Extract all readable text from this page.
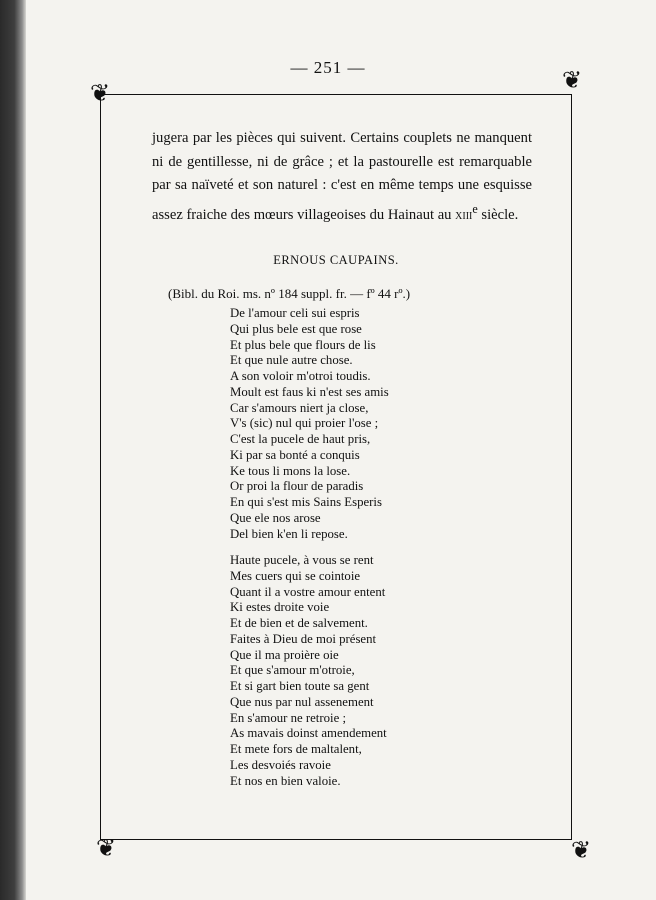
— 251 —
❦	❦
❦	❦

jugera par les pièces qui suivent. Certains couplets ne manquent ni de gentillesse, ni de grâce ; et la pastourelle est remarquable par sa naïveté et son naturel : c'est en même temps une esquisse assez fraiche des mœurs villageoises du Hainaut au xiii$^e$ siècle.

ERNOUS CAUPAINS.
(Bibl. du Roi. ms. nº 184 suppl. fr. — fº 44 rº.)
De l'amour celi sui espris
Qui plus bele est que rose
Et plus bele que flours de lis
Et que nule autre chose.
A son voloir m'otroi toudis.
Moult est faus ki n'est ses amis
Car s'amours niert ja close,
V's (sic) nul qui proier l'ose ;
C'est la pucele de haut pris,
Ki par sa bonté a conquis
Ke tous li mons la lose.
Or proi la flour de paradis
En qui s'est mis Sains Esperis
Que ele nos arose
Del bien k'en li repose.
Haute pucele, à vous se rent
Mes cuers qui se cointoie
Quant il a vostre amour entent
Ki estes droite voie
Et de bien et de salvement.
Faites à Dieu de moi présent
Que il ma proière oie
Et que s'amour m'otroie,
Et si gart bien toute sa gent
Que nus par nul assenement
En s'amour ne retroie ;
As mavais doinst amendement
Et mete fors de maltalent,
Les desvoiés ravoie
Et nos en bien valoie.
